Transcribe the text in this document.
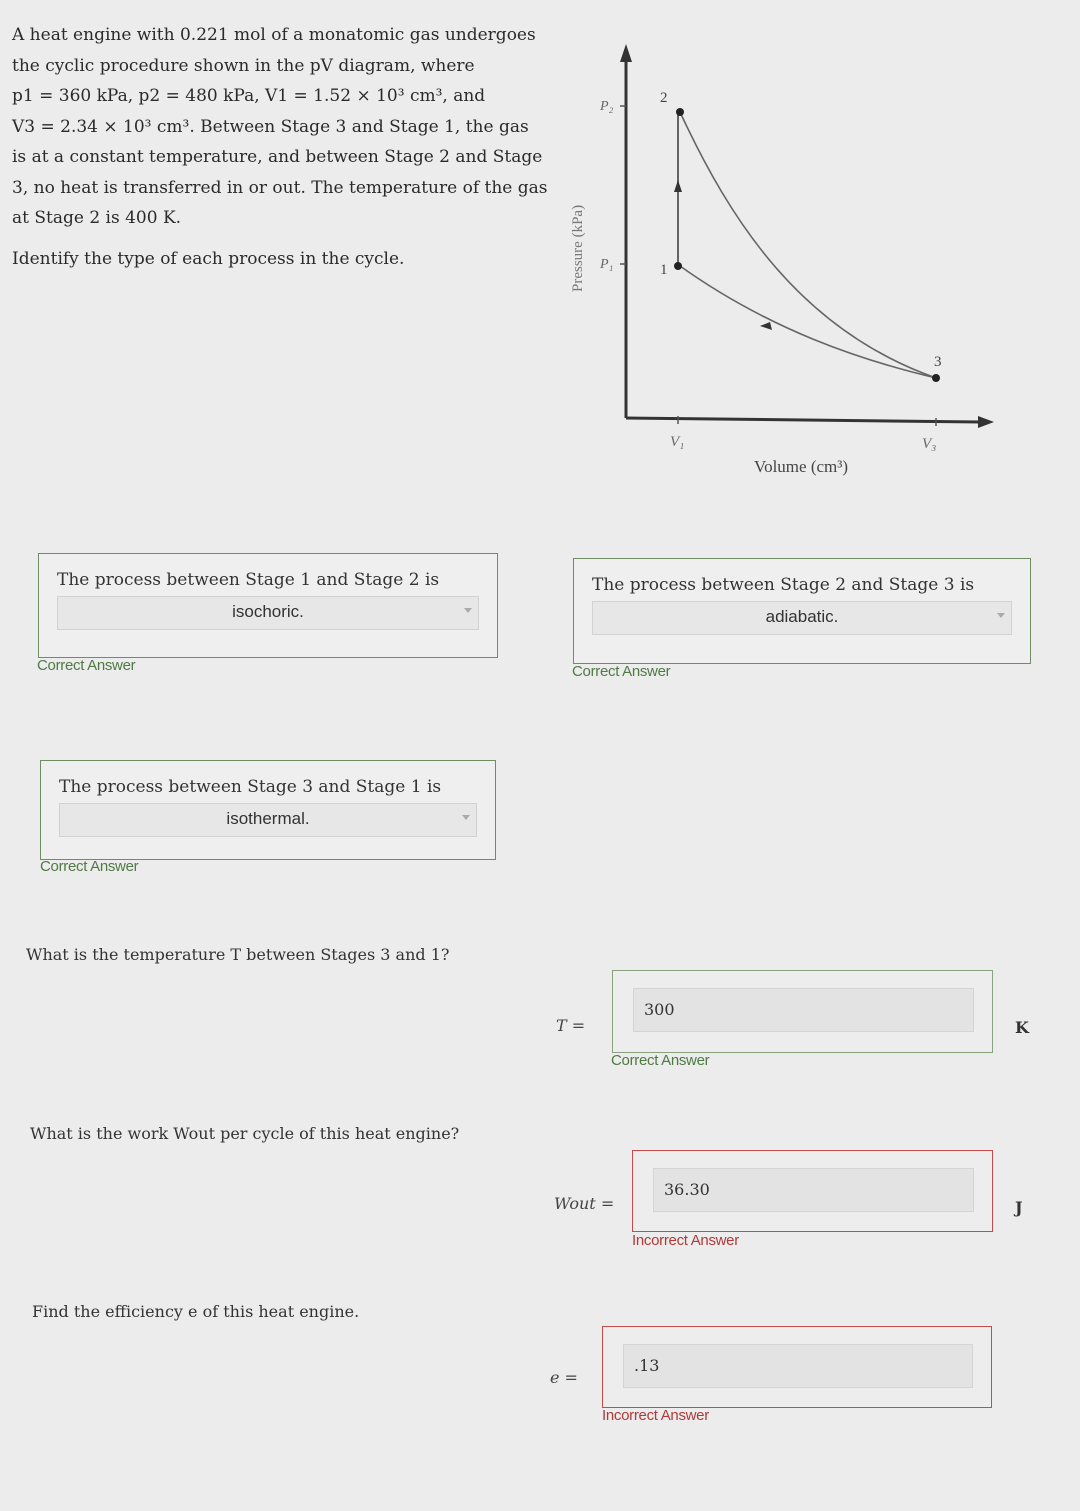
A heat engine with 0.221 mol of a monatomic gas undergoes
the cyclic procedure shown in the pV diagram, where
p1 = 360 kPa, p2 = 480 kPa, V1 = 1.52 × 10³ cm³, and
V3 = 2.34 × 10³ cm³. Between Stage 3 and Stage 1, the gas
is at a constant temperature, and between Stage 2 and Stage
3, no heat is transferred in or out. The temperature of the gas
at Stage 2 is 400 K.

Identify the type of each process in the cycle.

P₂
P₁
2
1
3
V₁	V₃
Volume (cm³)
Pressure (kPa)
The process between Stage 1 and Stage 2 is
isochoric.
Correct Answer
The process between Stage 2 and Stage 3 is
adiabatic.
Correct Answer
The process between Stage 3 and Stage 1 is
isothermal.
Correct Answer
What is the temperature T between Stages 3 and 1?
T =
300
K
Correct Answer
What is the work Wout per cycle of this heat engine?
Wout =
36.30
J
Incorrect Answer
Find the efficiency e of this heat engine.
e =
.13
Incorrect Answer
